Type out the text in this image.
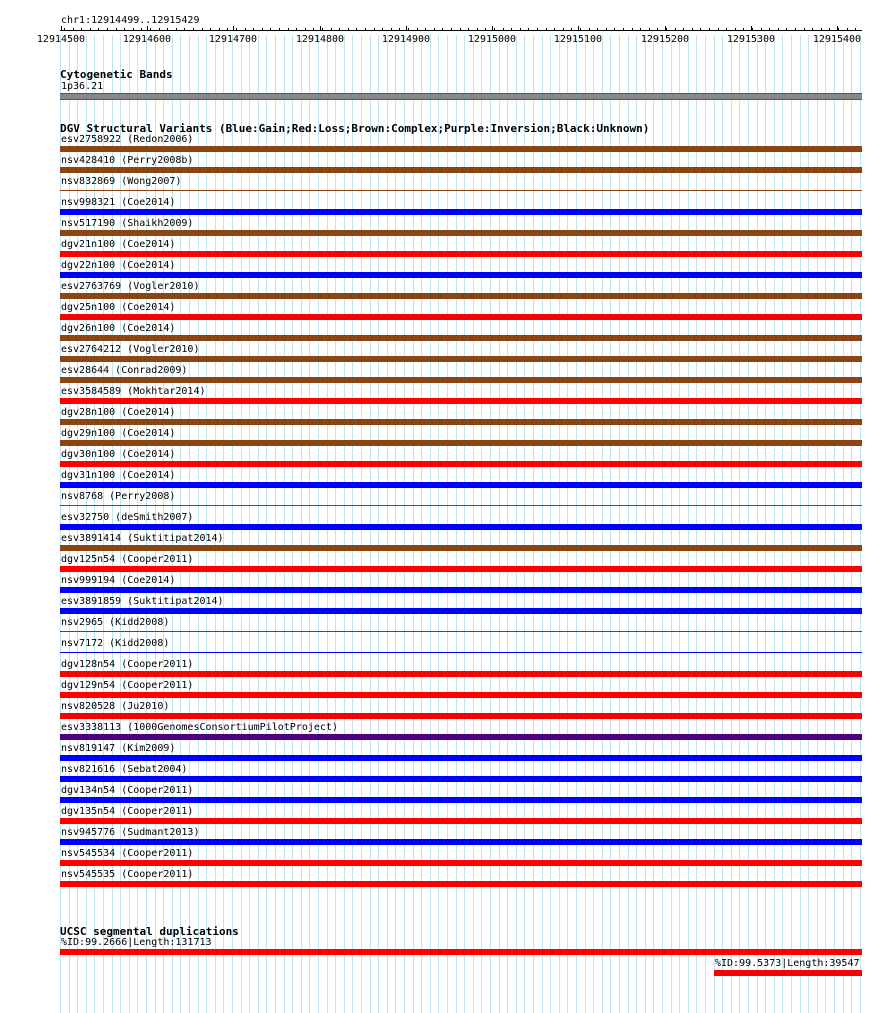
chr1:12914499..12915429
12914500	12914600	12914700	12914800	12914900	12915000	12915100	12915200	12915300	12915400
Cytogenetic Bands
1p36.21
DGV Structural Variants (Blue:Gain;Red:Loss;Brown:Complex;Purple:Inversion;Black:Unknown)
esv2758922 (Redon2006)
nsv428410 (Perry2008b)
nsv832869 (Wong2007)
nsv998321 (Coe2014)
nsv517190 (Shaikh2009)
dgv21n100 (Coe2014)
dgv22n100 (Coe2014)
esv2763769 (Vogler2010)
dgv25n100 (Coe2014)
dgv26n100 (Coe2014)
esv2764212 (Vogler2010)
esv28644 (Conrad2009)
esv3584589 (Mokhtar2014)
dgv28n100 (Coe2014)
dgv29n100 (Coe2014)
dgv30n100 (Coe2014)
dgv31n100 (Coe2014)
nsv8768 (Perry2008)
esv32750 (deSmith2007)
esv3891414 (Suktitipat2014)
dgv125n54 (Cooper2011)
nsv999194 (Coe2014)
esv3891859 (Suktitipat2014)
nsv2965 (Kidd2008)
nsv7172 (Kidd2008)
dgv128n54 (Cooper2011)
dgv129n54 (Cooper2011)
nsv820528 (Ju2010)
esv3338113 (1000GenomesConsortiumPilotProject)
nsv819147 (Kim2009)
nsv821616 (Sebat2004)
dgv134n54 (Cooper2011)
dgv135n54 (Cooper2011)
nsv945776 (Sudmant2013)
nsv545534 (Cooper2011)
nsv545535 (Cooper2011)
UCSC segmental duplications
%ID:99.2666|Length:131713
%ID:99.5373|Length:39547
